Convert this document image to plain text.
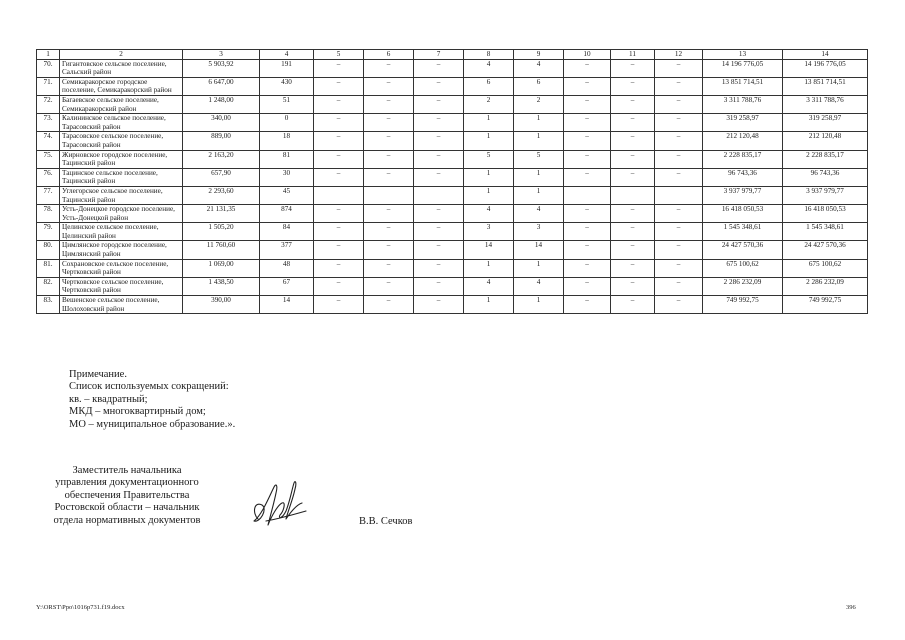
1	2	3	4	5	6	7	8	9	10	11	12	13	14
70.	Гигантовское сельское поселение, Сальский район	5 903,92	191	–	–	–	4	4	–	–	–	14 196 776,05	14 196 776,05
71.	Семикаракорское городское поселение, Семикаракорский район	6 647,00	430	–	–	–	6	6	–	–	–	13 851 714,51	13 851 714,51
72.	Багаевское сельское поселение, Семикаракорский район	1 248,00	51	–	–	–	2	2	–	–	–	3 311 788,76	3 311 788,76
73.	Калининское сельское поселение, Тарасовский район	340,00	0	–	–	–	1	1	–	–	–	319 258,97	319 258,97
74.	Тарасовское сельское поселение, Тарасовский район	889,00	18	–	–	–	1	1	–	–	–	212 120,48	212 120,48
75.	Жирновское городское поселение, Тацинский район	2 163,20	81	–	–	–	5	5	–	–	–	2 228 835,17	2 228 835,17
76.	Тацинское сельское поселение, Тацинский район	657,90	30	–	–	–	1	1	–	–	–	96 743,36	96 743,36
77.	Углегорское сельское поселение, Тацинский район	2 293,60	45				1	1				3 937 979,77	3 937 979,77
78.	Усть-Донецкое городское поселение, Усть-Донецкой район	21 131,35	874	–	–	–	4	4	–	–	–	16 418 050,53	16 418 050,53
79.	Целинское сельское поселение, Целинский район	1 505,20	84	–	–	–	3	3	–	–	–	1 545 348,61	1 545 348,61
80.	Цимлянское городское поселение, Цимлянский район	11 760,60	377	–	–	–	14	14	–	–	–	24 427 570,36	24 427 570,36
81.	Сохрановское сельское поселение, Чертковский район	1 069,00	48	–	–	–	1	1	–	–	–	675 100,62	675 100,62
82.	Чертковское сельское поселение, Чертковский район	1 438,50	67	–	–	–	4	4	–	–	–	2 286 232,09	2 286 232,09
83.	Вешенское сельское поселение, Шолоховский район	390,00	14	–	–	–	1	1	–	–	–	749 992,75	749 992,75
Примечание.
Список используемых сокращений:
кв. – квадратный;
МКД – многоквартирный дом;
МО – муниципальное образование.».
Заместитель начальника
управления документационного
обеспечения Правительства
Ростовской области – начальник
отдела нормативных документов	В.В. Сечков
Y:\ORST\Ppo\1016p731.f19.docx	396
